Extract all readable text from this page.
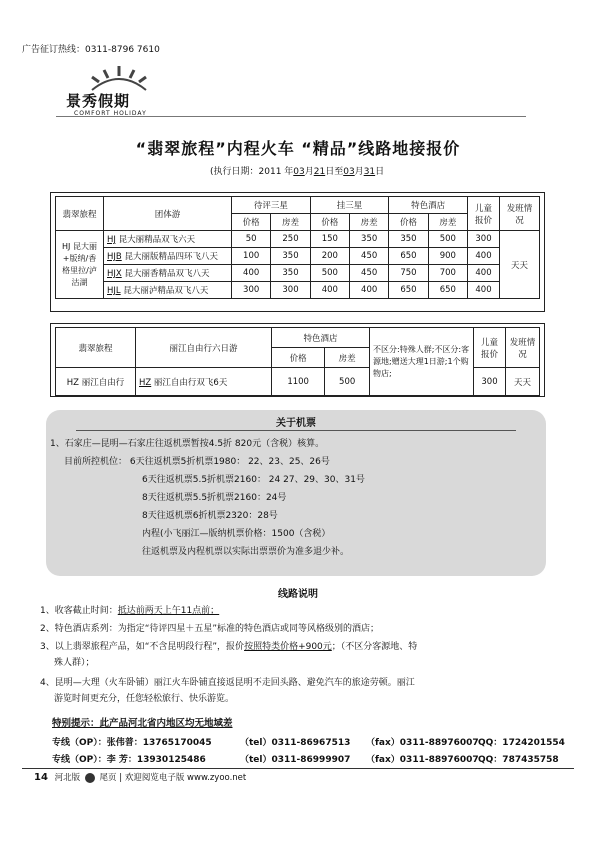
广告征订热线：0311-8796 7610
景秀假期
COMFORT HOLIDAY
“翡翠旅程”内程火车 “精品”线路地接报价
(执行日期：2011 年03月21日至03月31日
翡翠旅程	团体游	待评三星		挂三星		特色酒店		儿童报价	发班情况
		价格	房差	价格	房差	价格	房差		
HJ 昆大丽+版纳/香格里拉/泸沽湖	HJ 昆大丽精品双飞六天	50	250	150	350	350	500	300	天天
	HJB 昆大丽版精品四环飞八天	100	350	200	450	650	900	400	
	HJX 昆大丽香精品双飞八天	400	350	500	450	750	700	400	
	HJL 昆大丽泸精品双飞八天	300	300	400	400	650	650	400	
翡翠旅程	丽江自由行六日游	特色酒店		不区分:特殊人群;不区分:客源地;赠送大理1日游;1个购物店;	儿童报价	发班情况
		价格	房差			
HZ 丽江自由行	HZ 丽江自由行双飞6天	1100	500		300	天天
关于机票
1、石家庄—昆明—石家庄往返机票暂按4.5折 820元（含税）核算。
目前所控机位： 6天往返机票5折机票1980： 22、23、25、26号
6天往返机票5.5折机票2160： 24 27、29、30、31号
8天往返机票5.5折机票2160：24号
8天往返机票6折机票2320：28号
内程(小飞丽江—版纳机票价格：1500（含税）
往返机票及内程机票以实际出票票价为准多退少补。
线路说明
1、收客截止时间：抵达前两天上午11点前；
2、特色酒店系列：为指定“待评四星＋五星”标准的特色酒店或同等风格级别的酒店；
3、以上翡翠旅程产品，如“不含昆明段行程”，报价按照特类价格+900元；（不区分客源地、特
殊人群）；
4、昆明—大理（火车卧铺）丽江火车卧铺直接返昆明不走回头路、避免汽车的旅途劳顿。丽江
游览时间更充分，任您轻松旅行、快乐游览。
特别提示：此产品河北省内地区均无地域差
专线（OP）：张伟普：13765170045	（tel）0311-86967513 （fax）0311-88976007QQ：1724201554
专线（OP）：李 芳：13930125486	（tel）0311-86999907 （fax）0311-88976007QQ：787435758
14 河北版 尾页 | 欢迎阅览电子版 www.zyoo.net
